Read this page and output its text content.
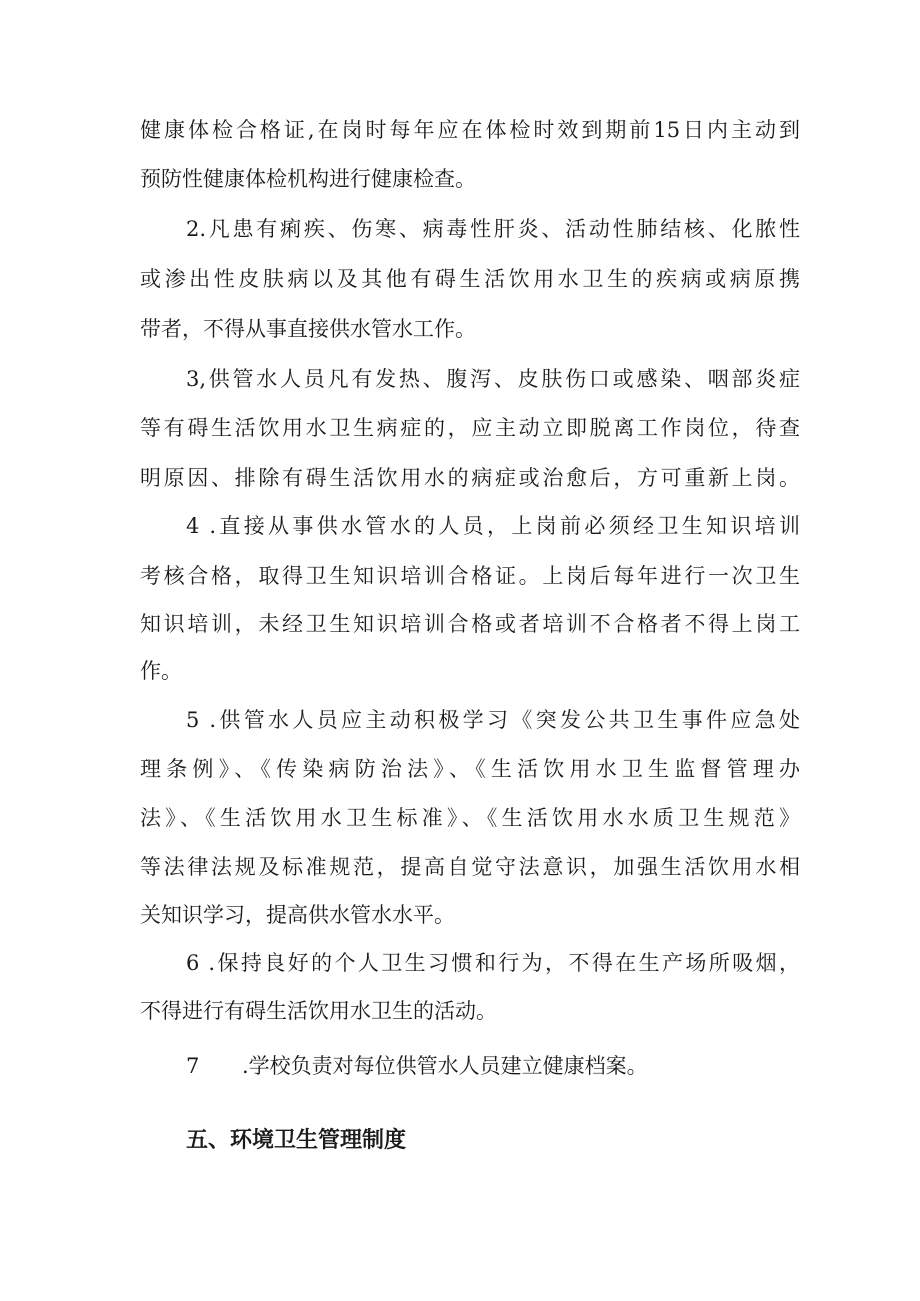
健康体检合格证,在岗时每年应在体检时效到期前15日内主动到
预防性健康体检机构进行健康检查。
2.凡患有痢疾、伤寒、病毒性肝炎、活动性肺结核、化脓性
或渗出性皮肤病以及其他有碍生活饮用水卫生的疾病或病原携
带者，不得从事直接供水管水工作。
3,供管水人员凡有发热、腹泻、皮肤伤口或感染、咽部炎症
等有碍生活饮用水卫生病症的，应主动立即脱离工作岗位，待查
明原因、排除有碍生活饮用水的病症或治愈后，方可重新上岗。
4 .直接从事供水管水的人员，上岗前必须经卫生知识培训
考核合格，取得卫生知识培训合格证。上岗后每年进行一次卫生
知识培训，未经卫生知识培训合格或者培训不合格者不得上岗工
作。
5 .供管水人员应主动积极学习《突发公共卫生事件应急处
理条例》、《传染病防治法》、《生活饮用水卫生监督管理办
法》、《生活饮用水卫生标准》、《生活饮用水水质卫生规范》
等法律法规及标准规范，提高自觉守法意识，加强生活饮用水相
关知识学习，提高供水管水水平。
6 .保持良好的个人卫生习惯和行为，不得在生产场所吸烟，
不得进行有碍生活饮用水卫生的活动。
7 .学校负责对每位供管水人员建立健康档案。
五、环境卫生管理制度
